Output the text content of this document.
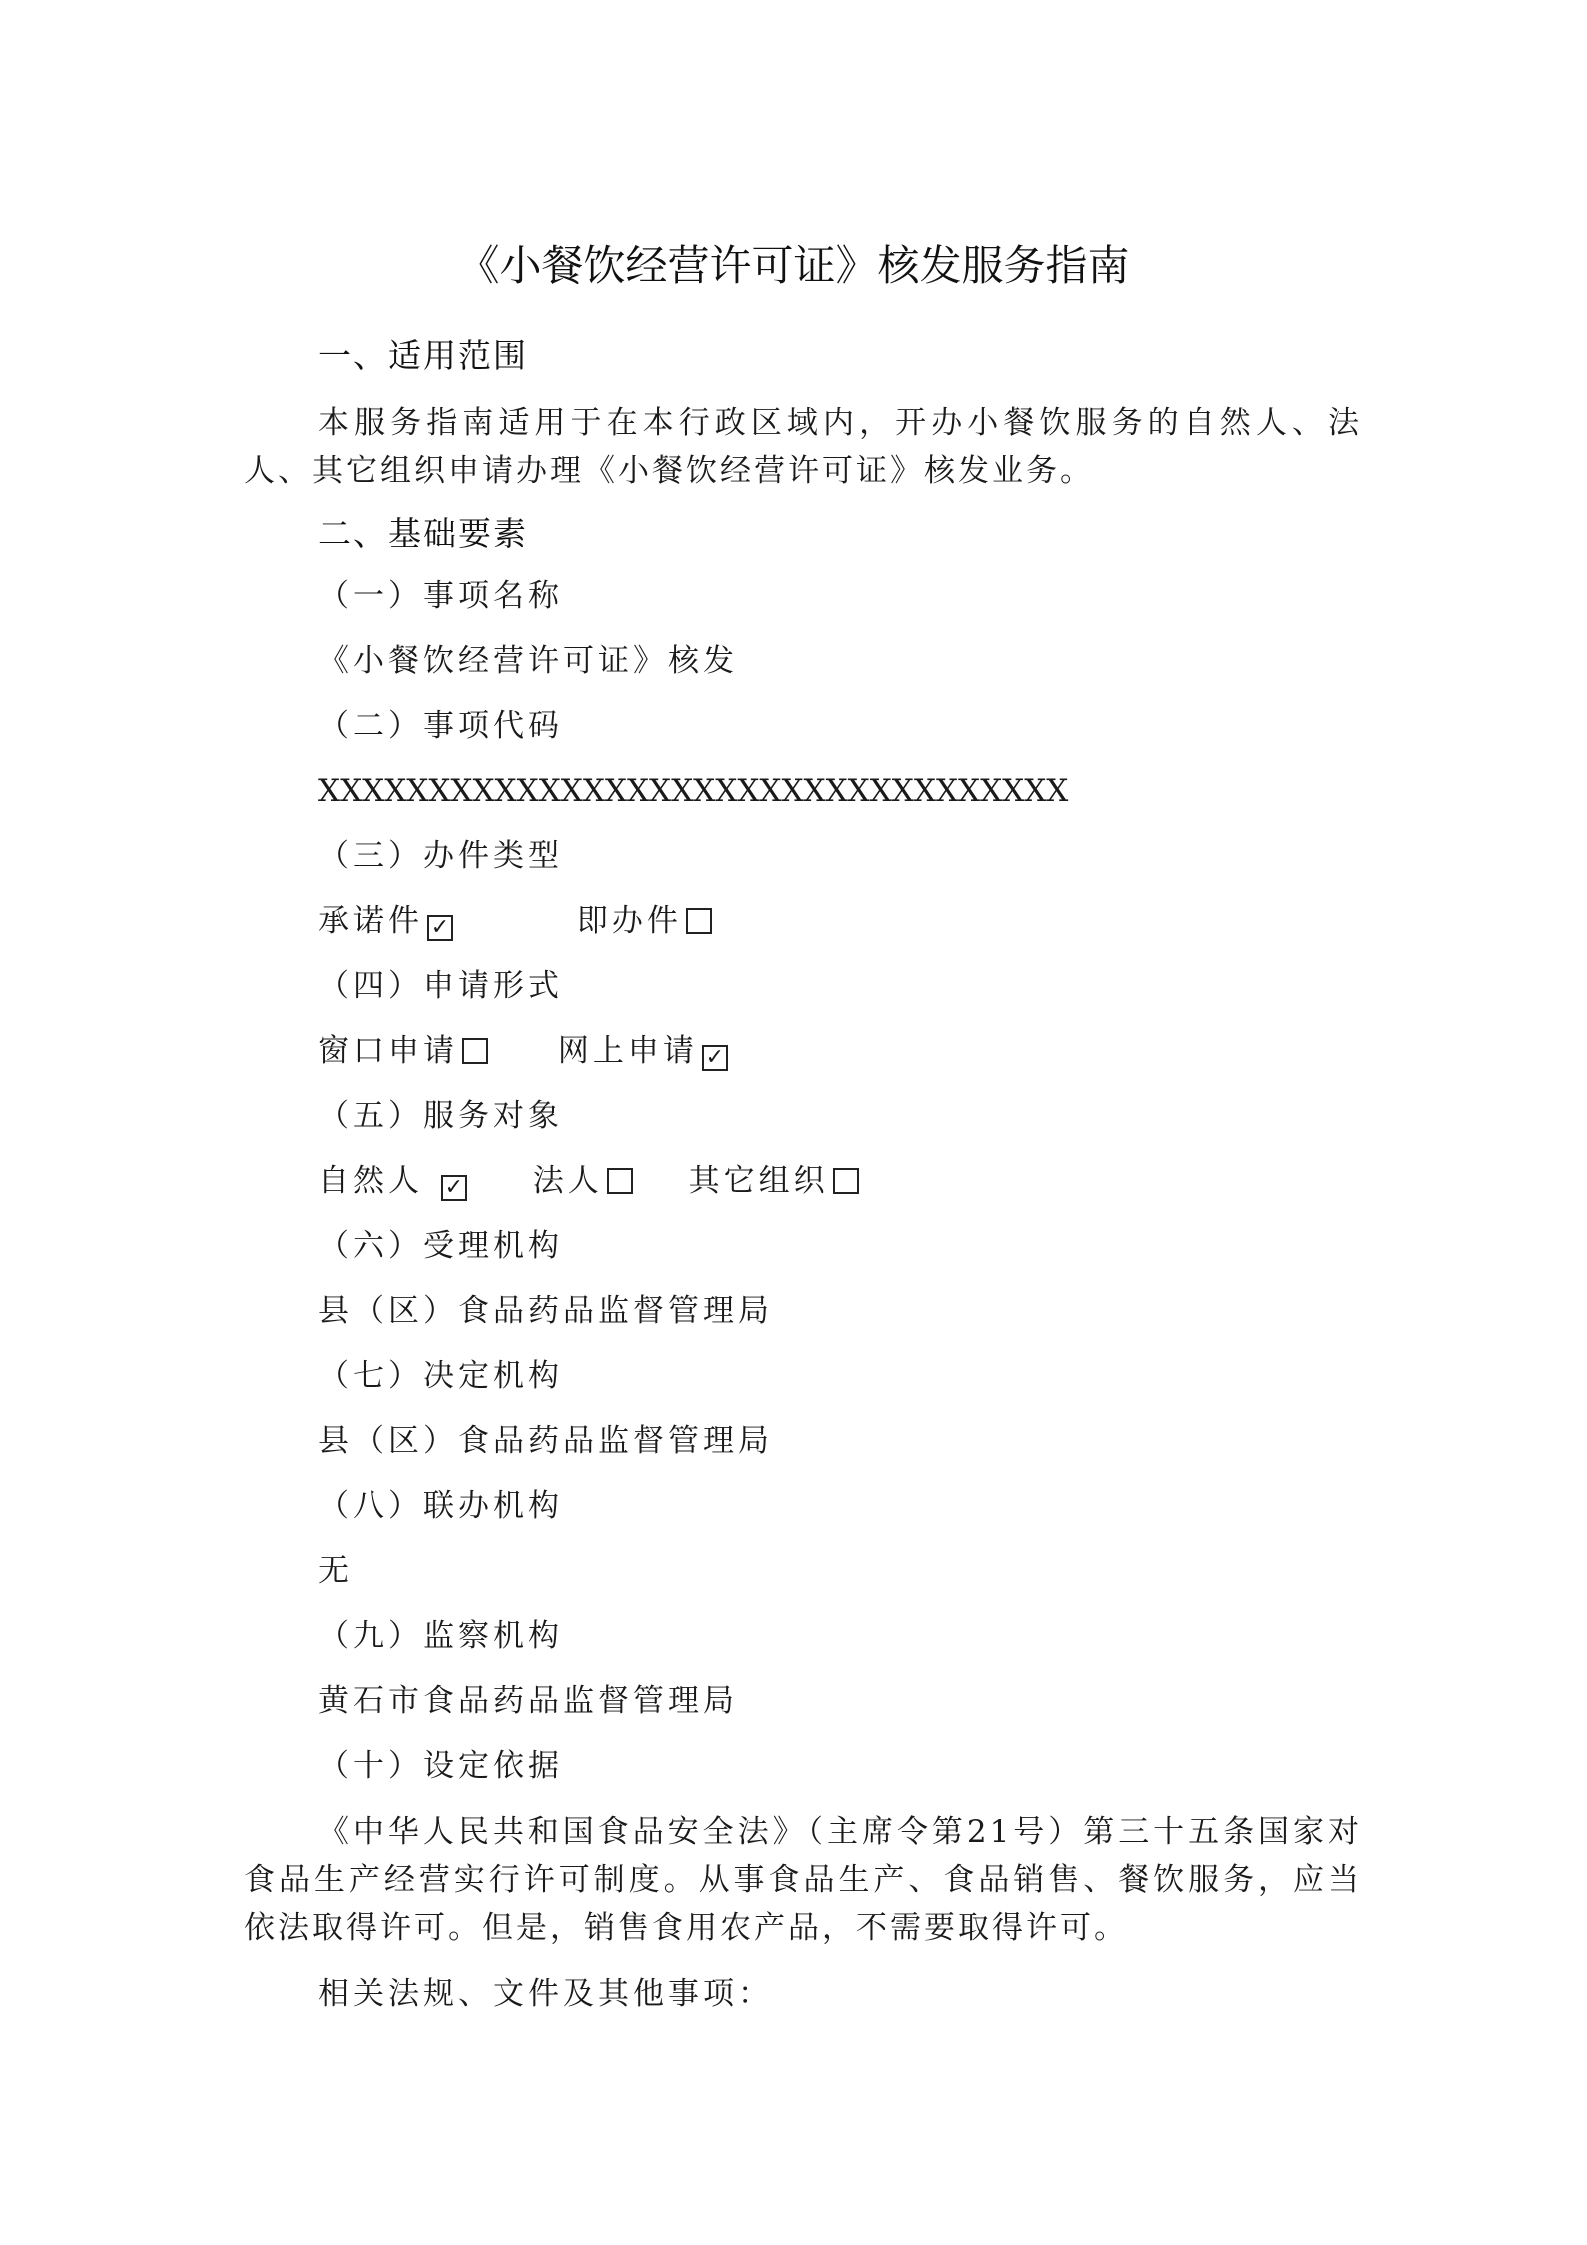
《小餐饮经营许可证》核发服务指南
一、适用范围
本服务指南适用于在本行政区域内，开办小餐饮服务的自然人、法人、其它组织申请办理《小餐饮经营许可证》核发业务。
二、基础要素
（一）事项名称
《小餐饮经营许可证》核发
（二）事项代码
XXXXXXXXXXXXXXXXXXXXXXXXXXXXXXXXXX
（三）办件类型
承诺件 ✓	即办件
（四）申请形式
窗口申请	网上申请 ✓
（五）服务对象
自然人 ✓ 法人	其它组织
（六）受理机构
县（区）食品药品监督管理局
（七）决定机构
县（区）食品药品监督管理局
（八）联办机构
无
（九）监察机构
黄石市食品药品监督管理局
（十）设定依据
《中华人民共和国食品安全法》（主席令第21号）第三十五条国家对食品生产经营实行许可制度。从事食品生产、食品销售、餐饮服务，应当依法取得许可。但是，销售食用农产品，不需要取得许可。
相关法规、文件及其他事项：
